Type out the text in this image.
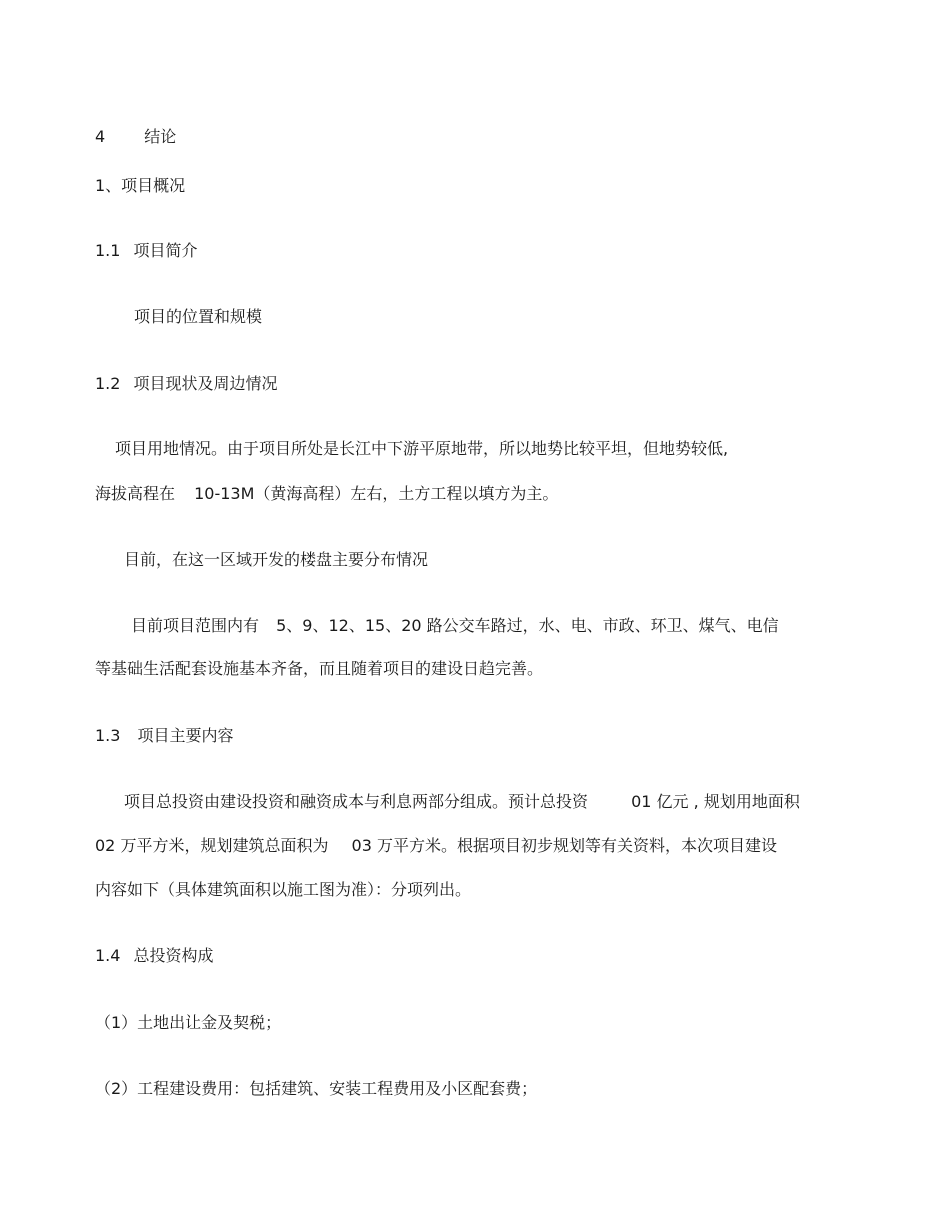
4 结论
1、项目概况
1.1 项目简介
项目的位置和规模
1.2 项目现状及周边情况
项目用地情况。由于项目所处是长江中下游平原地带，所以地势比较平坦，但地势较低,
海拔高程在 10-13M（黄海高程）左右，土方工程以填方为主。
目前，在这一区域开发的楼盘主要分布情况
目前项目范围内有 5、9、12、15、20 路公交车路过，水、电、市政、环卫、煤气、电信
等基础生活配套设施基本齐备，而且随着项目的建设日趋完善。
1.3 项目主要内容
项目总投资由建设投资和融资成本与利息两部分组成。预计总投资	01 亿元 , 规划用地面积
02 万平方米，规划建筑总面积为 03 万平方米。根据项目初步规划等有关资料，本次项目建设
内容如下（具体建筑面积以施工图为准）：分项列出。
1.4 总投资构成
（1）土地出让金及契税；
（2）工程建设费用：包括建筑、安装工程费用及小区配套费；
